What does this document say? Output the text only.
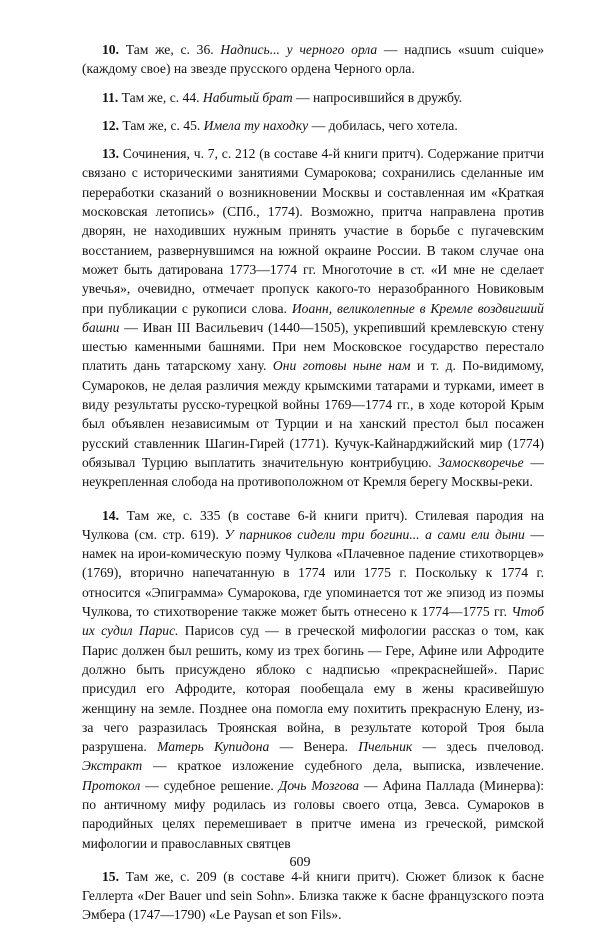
10. Там же, с. 36. Надпись... у черного орла — надпись «suum cuique» (каждому свое) на звезде прусского ордена Черного орла.

11. Там же, с. 44. Набитый брат — напросившийся в дружбу.

12. Там же, с. 45. Имела ту находку — добилась, чего хотела.

13. Сочинения, ч. 7, с. 212 (в составе 4-й книги притч). Содержание притчи связано с историческими занятиями Сумарокова; сохранились сделанные им переработки сказаний о возникновении Москвы и составленная им «Краткая московская летопись» (СПб., 1774). Возможно, притча направлена против дворян, не находивших нужным принять участие в борьбе с пугачевским восстанием, развернувшимся на южной окраине России. В таком случае она может быть датирована 1773—1774 гг. Многоточие в ст. «И мне не сделает увечья», очевидно, отмечает пропуск какого-то неразобранного Новиковым при публикации с рукописи слова. Иоанн, великолепные в Кремле воздвигший башни — Иван III Васильевич (1440—1505), укрепивший кремлевскую стену шестью каменными башнями. При нем Московское государство перестало платить дань татарскому хану. Они готовы ныне нам и т. д. По-видимому, Сумароков, не делая различия между крымскими татарами и турками, имеет в виду результаты русско-турецкой войны 1769—1774 гг., в ходе которой Крым был объявлен независимым от Турции и на ханский престол был посажен русский ставленник Шагин-Гирей (1771). Кучук-Кайнарджийский мир (1774) обязывал Турцию выплатить значительную контрибуцию. Замоскворечье — неукрепленная слобода на противоположном от Кремля берегу Москвы-реки.

14. Там же, с. 335 (в составе 6-й книги притч). Стилевая пародия на Чулкова (см. стр. 619). У парников сидели три богини... а сами ели дыни — намек на ирои-комическую поэму Чулкова «Плачевное падение стихотворцев» (1769), вторично напечатанную в 1774 или 1775 г. Поскольку к 1774 г. относится «Эпиграмма» Сумарокова, где упоминается тот же эпизод из поэмы Чулкова, то стихотворение также может быть отнесено к 1774—1775 гг. Чтоб их судил Парис. Парисов суд — в греческой мифологии рассказ о том, как Парис должен был решить, кому из трех богинь — Гере, Афине или Афродите должно быть присуждено яблоко с надписью «прекраснейшей». Парис присудил его Афродите, которая пообещала ему в жены красивейшую женщину на земле. Позднее она помогла ему похитить прекрасную Елену, из-за чего разразилась Троянская война, в результате которой Троя была разрушена. Матерь Купидона — Венера. Пчельник — здесь пчеловод. Экстракт — краткое изложение судебного дела, выписка, извлечение. Протокол — судебное решение. Дочь Мозгова — Афина Паллада (Минерва): по античному мифу родилась из головы своего отца, Зевса. Сумароков в пародийных целях перемешивает в притче имена из греческой, римской мифологии и православных святцев

15. Там же, с. 209 (в составе 4-й книги притч). Сюжет близок к басне Геллерта «Der Bauer und sein Sohn». Близка также к басне французского поэта Эмбера (1747—1790) «Le Paysan et son Fils».

609
